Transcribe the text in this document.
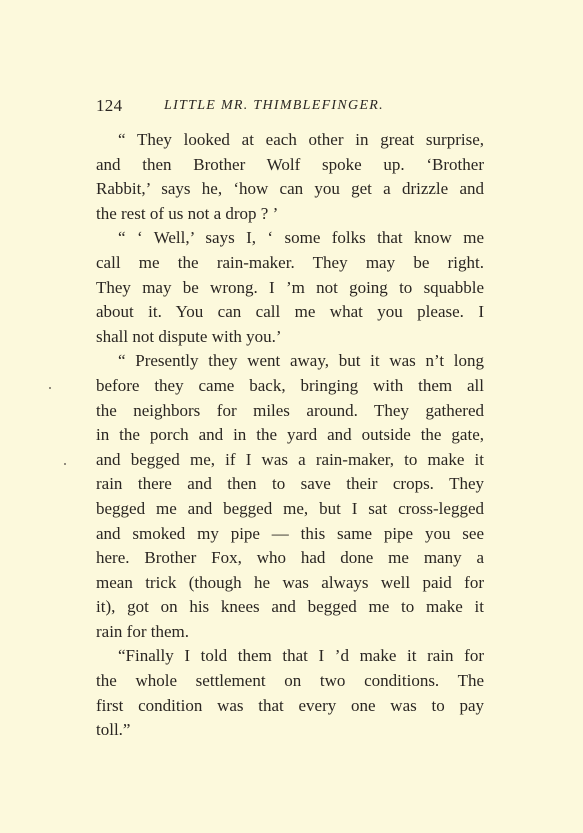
124	LITTLE MR. THIMBLEFINGER.
“ They looked at each other in great surprise,
and then Brother Wolf spoke up. ‘Brother
Rabbit,’ says he, ‘how can you get a drizzle and
the rest of us not a drop ? ’
“ ‘ Well,’ says I, ‘ some folks that know me
call me the rain-maker. They may be right.
They may be wrong. I ’m not going to squabble
about it. You can call me what you please. I
shall not dispute with you.’
“ Presently they went away, but it was n’t long
before they came back, bringing with them all
the neighbors for miles around. They gathered
in the porch and in the yard and outside the gate,
and begged me, if I was a rain-maker, to make it
rain there and then to save their crops. They
begged me and begged me, but I sat cross-legged
and smoked my pipe — this same pipe you see
here. Brother Fox, who had done me many a
mean trick (though he was always well paid for
it), got on his knees and begged me to make it
rain for them.
“Finally I told them that I ’d make it rain for
the whole settlement on two conditions. The
first condition was that every one was to pay
toll.”
